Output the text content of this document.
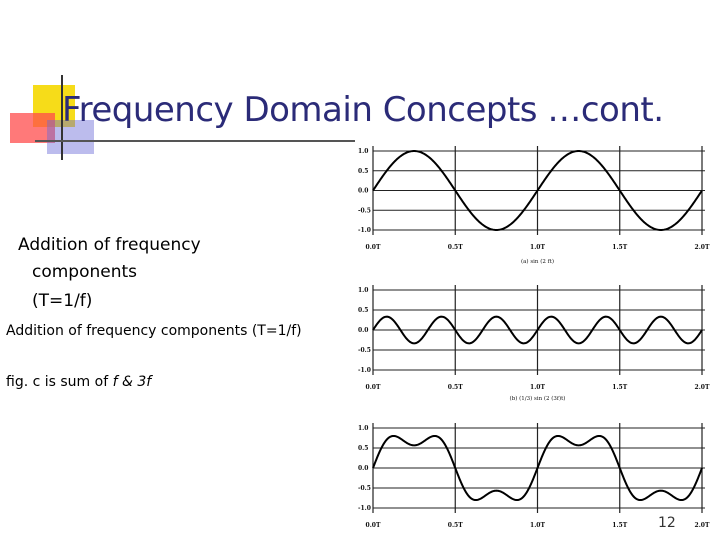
Frequency Domain Concepts …cont.
Addition of frequency
components
(T=1/f)
Addition of frequency components (T=1/f)
fig. c is sum of f & 3f
1.0
0.5
0.0
-0.5
-1.0
0.0T	0.5T	1.0T	1.5T	2.0T
(a) sin (2 ft)
1.0
0.5
0.0
-0.5
-1.0
0.0T	0.5T	1.0T	1.5T	2.0T
(b) (1/3) sin (2 (3f)t)
1.0
0.5
0.0
-0.5
-1.0
0.0T	0.5T	1.0T	1.5T	2.0T
12
